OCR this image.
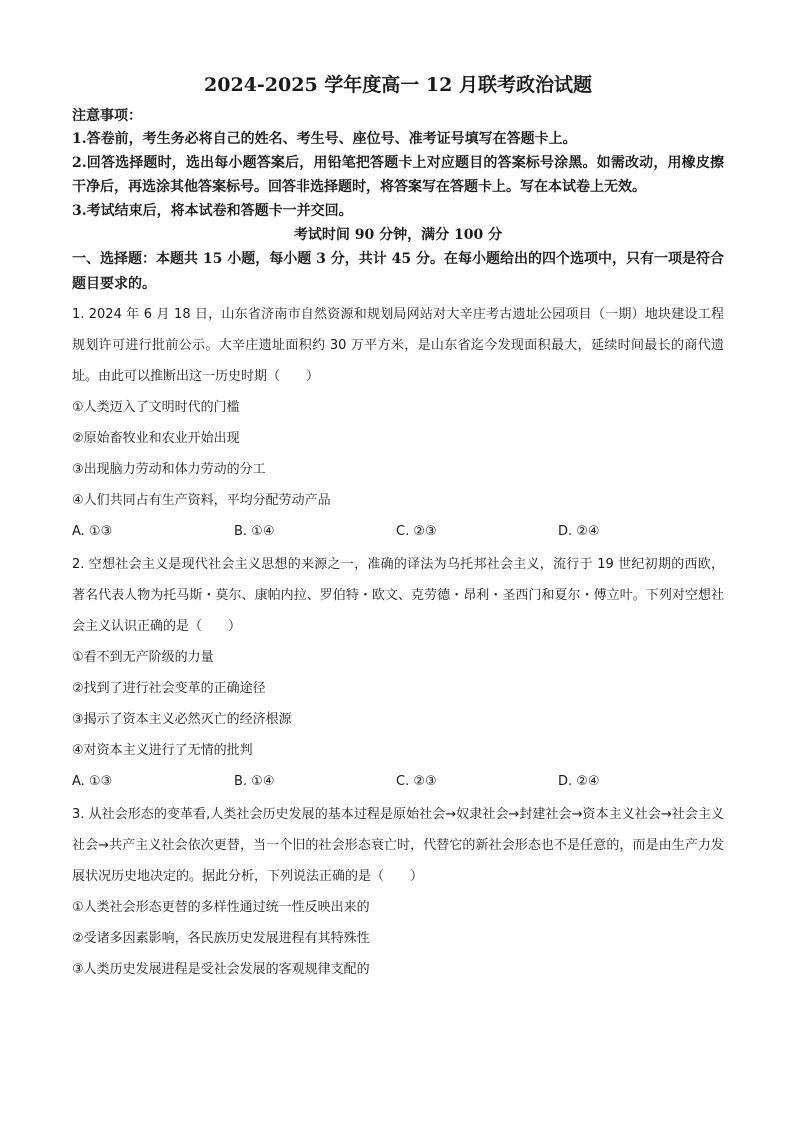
2024-2025 学年度高一 12 月联考政治试题
注意事项：
1.答卷前，考生务必将自己的姓名、考生号、座位号、准考证号填写在答题卡上。
2.回答选择题时，选出每小题答案后，用铅笔把答题卡上对应题目的答案标号涂黑。如需改动，用橡皮擦干净后，再选涂其他答案标号。回答非选择题时，将答案写在答题卡上。写在本试卷上无效。
3.考试结束后，将本试卷和答题卡一并交回。
考试时间 90 分钟，满分 100 分
一、选择题：本题共 15 小题，每小题 3 分，共计 45 分。在每小题给出的四个选项中，只有一项是符合题目要求的。
1. 2024 年 6 月 18 日，山东省济南市自然资源和规划局网站对大辛庄考古遗址公园项目（一期）地块建设工程规划许可进行批前公示。大辛庄遗址面积约 30 万平方米，是山东省迄今发现面积最大，延续时间最长的商代遗址。由此可以推断出这一历史时期（　　）
①人类迈入了文明时代的门槛
②原始畜牧业和农业开始出现
③出现脑力劳动和体力劳动的分工
④人们共同占有生产资料，平均分配劳动产品
A. ①③	B. ①④	C. ②③	D. ②④
2. 空想社会主义是现代社会主义思想的来源之一，准确的译法为乌托邦社会主义，流行于 19 世纪初期的西欧，著名代表人物为托马斯・莫尔、康帕内拉、罗伯特・欧文、克劳德・昂利・圣西门和夏尔・傅立叶。下列对空想社会主义认识正确的是（　　）
①看不到无产阶级的力量
②找到了进行社会变革的正确途径
③揭示了资本主义必然灭亡的经济根源
④对资本主义进行了无情的批判
A. ①③	B. ①④	C. ②③	D. ②④
3. 从社会形态的变革看,人类社会历史发展的基本过程是原始社会→奴隶社会→封建社会→资本主义社会→社会主义社会→共产主义社会依次更替，当一个旧的社会形态衰亡时，代替它的新社会形态也不是任意的，而是由生产力发展状况历史地决定的。据此分析，下列说法正确的是（　　）
①人类社会形态更替的多样性通过统一性反映出来的
②受诸多因素影响，各民族历史发展进程有其特殊性
③人类历史发展进程是受社会发展的客观规律支配的
